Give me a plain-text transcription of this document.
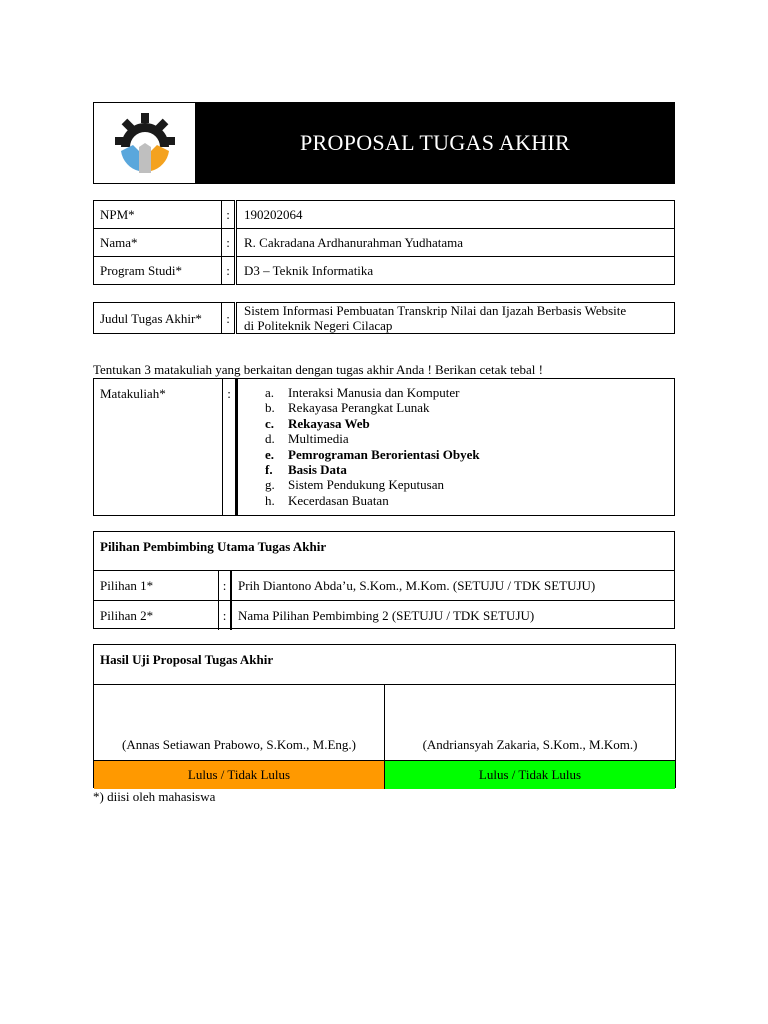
PROPOSAL TUGAS AKHIR
NPM*	:	190202064
Nama*	:	R. Cakradana Ardhanurahman Yudhatama
Program Studi*	:	D3 – Teknik Informatika
Judul Tugas Akhir*	:	Sistem Informasi Pembuatan Transkrip Nilai dan Ijazah Berbasis Website
di Politeknik Negeri Cilacap
Tentukan 3 matakuliah yang berkaitan dengan tugas akhir Anda ! Berikan cetak tebal !
Matakuliah*	:	a.	Interaksi Manusia dan Komputer
b.	Rekayasa Perangkat Lunak
c.	Rekayasa Web
d.	Multimedia
e.	Pemrograman Berorientasi Obyek
f.	Basis Data
g.	Sistem Pendukung Keputusan
h.	Kecerdasan Buatan
Pilihan Pembimbing Utama Tugas Akhir
Pilihan 1*	: Prih Diantono Abda’u, S.Kom., M.Kom. (SETUJU / TDK SETUJU)
Pilihan 2*	: Nama Pilihan Pembimbing 2 (SETUJU / TDK SETUJU)
Hasil Uji Proposal Tugas Akhir
(Annas Setiawan Prabowo, S.Kom., M.Eng.)	(Andriansyah Zakaria, S.Kom., M.Kom.)
Lulus / Tidak Lulus	Lulus / Tidak Lulus
*) diisi oleh mahasiswa
